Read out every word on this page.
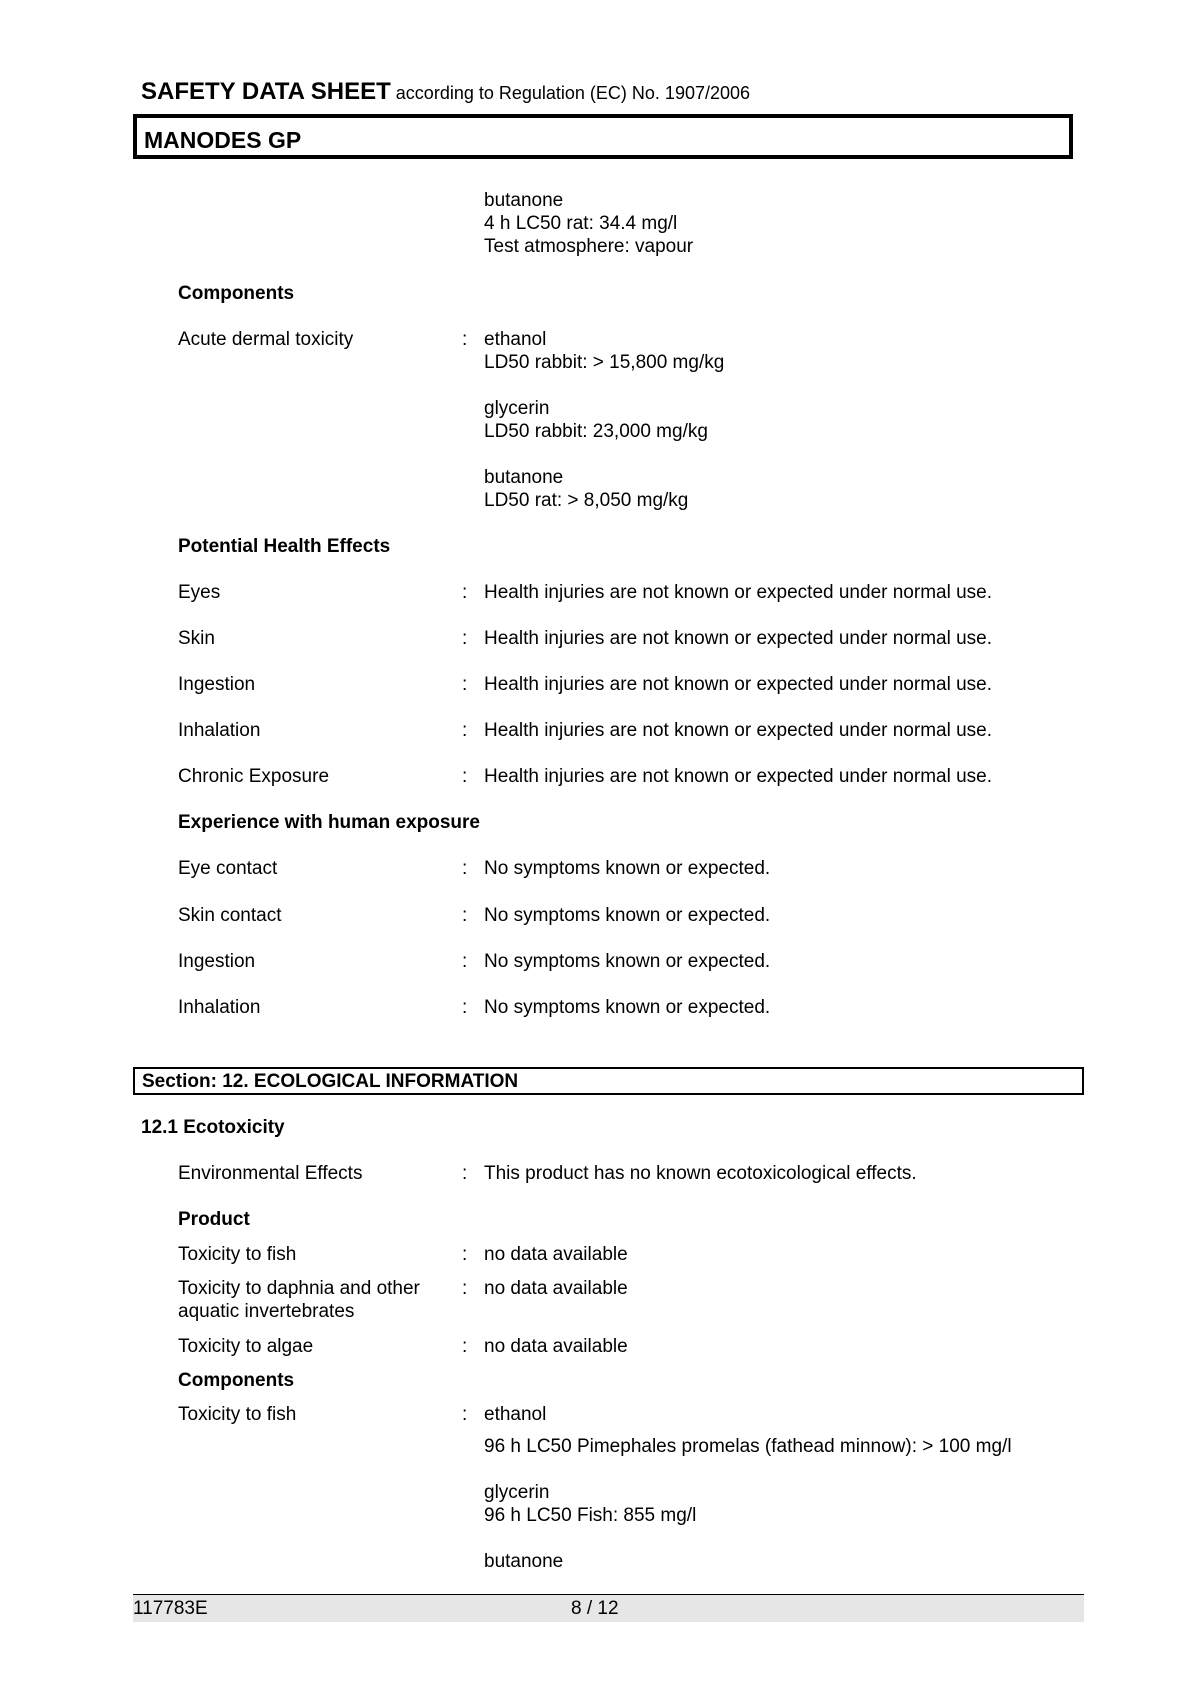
SAFETY DATA SHEET according to Regulation (EC) No. 1907/2006
MANODES GP
butanone
4 h LC50 rat: 34.4 mg/l
Test atmosphere: vapour
Components
Acute dermal toxicity	: ethanol
LD50 rabbit: > 15,800 mg/kg
glycerin
LD50 rabbit: 23,000 mg/kg
butanone
LD50 rat: > 8,050 mg/kg
Potential Health Effects
Eyes	: Health injuries are not known or expected under normal use.
Skin	: Health injuries are not known or expected under normal use.
Ingestion	: Health injuries are not known or expected under normal use.
Inhalation	: Health injuries are not known or expected under normal use.
Chronic Exposure	: Health injuries are not known or expected under normal use.
Experience with human exposure
Eye contact	: No symptoms known or expected.
Skin contact	: No symptoms known or expected.
Ingestion	: No symptoms known or expected.
Inhalation	: No symptoms known or expected.
Section: 12. ECOLOGICAL INFORMATION
12.1 Ecotoxicity
Environmental Effects	: This product has no known ecotoxicological effects.
Product
Toxicity to fish	: no data available
Toxicity to daphnia and other
aquatic invertebrates
: no data available
Toxicity to algae	: no data available
Components
Toxicity to fish	: ethanol
96 h LC50 Pimephales promelas (fathead minnow): > 100 mg/l
glycerin
96 h LC50 Fish: 855 mg/l
butanone
117783E	8 / 12
